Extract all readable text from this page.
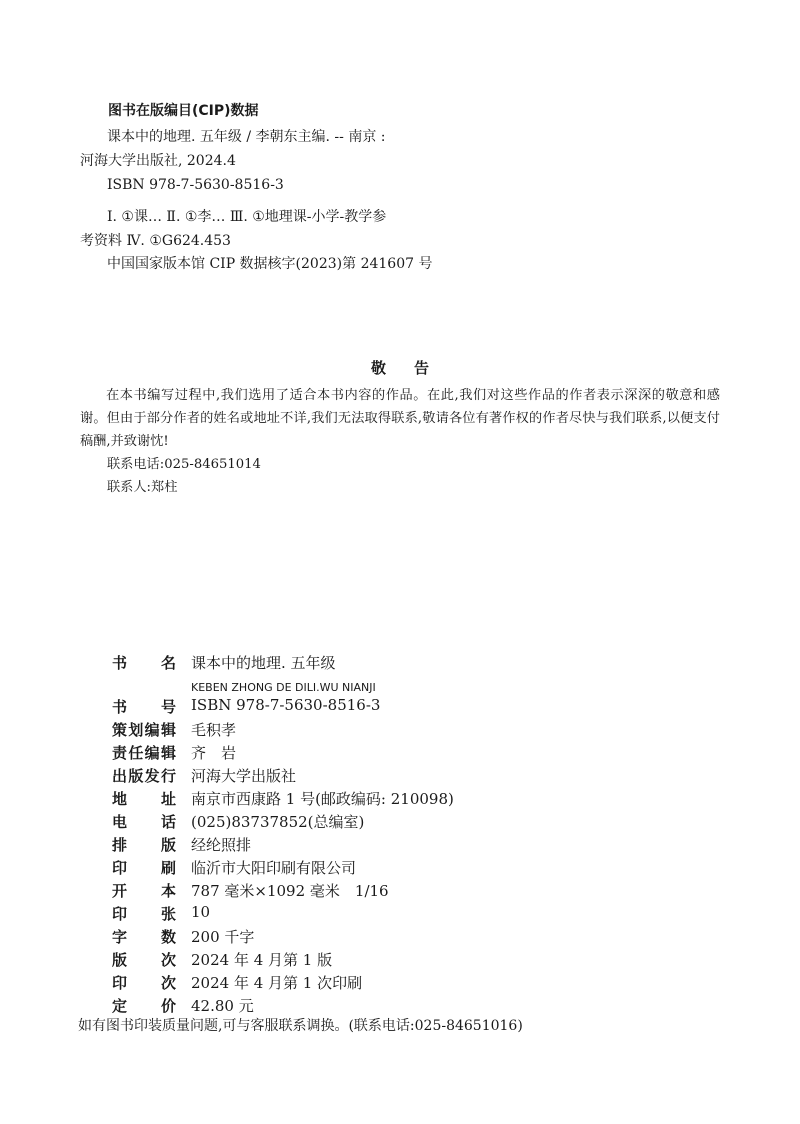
图书在版编目(CIP)数据
课本中的地理. 五年级 / 李朝东主编. -- 南京 :
河海大学出版社, 2024.4
ISBN 978-7-5630-8516-3
Ⅰ. ①课… Ⅱ. ①李… Ⅲ. ①地理课-小学-教学参
考资料 Ⅳ. ①G624.453
中国国家版本馆 CIP 数据核字(2023)第 241607 号
敬告
在本书编写过程中,我们选用了适合本书内容的作品。在此,我们对这些作品的作者表示深深的敬意和感谢。但由于部分作者的姓名或地址不详,我们无法取得联系,敬请各位有著作权的作者尽快与我们联系,以便支付稿酬,并致谢忱!
联系电话:025-84651014
联系人:郑柱
KEBEN ZHONG DE DILI.WU NIANJI
书 名 课本中的地理. 五年级
书 号 ISBN 978-7-5630-8516-3
策 划 编 辑 毛积孝
责 任 编 辑 齐　岩
出 版 发 行 河海大学出版社
地 址 南京市西康路 1 号(邮政编码: 210098)
电 话 (025)83737852(总编室)
排 版 经纶照排
印 刷 临沂市大阳印刷有限公司
开 本 787 毫米×1092 毫米　1/16
印 张 10
字 数 200 千字
版 次 2024 年 4 月第 1 版
印 次 2024 年 4 月第 1 次印刷
定 价 42.80 元
如有图书印装质量问题,可与客服联系调换。(联系电话:025-84651016)
